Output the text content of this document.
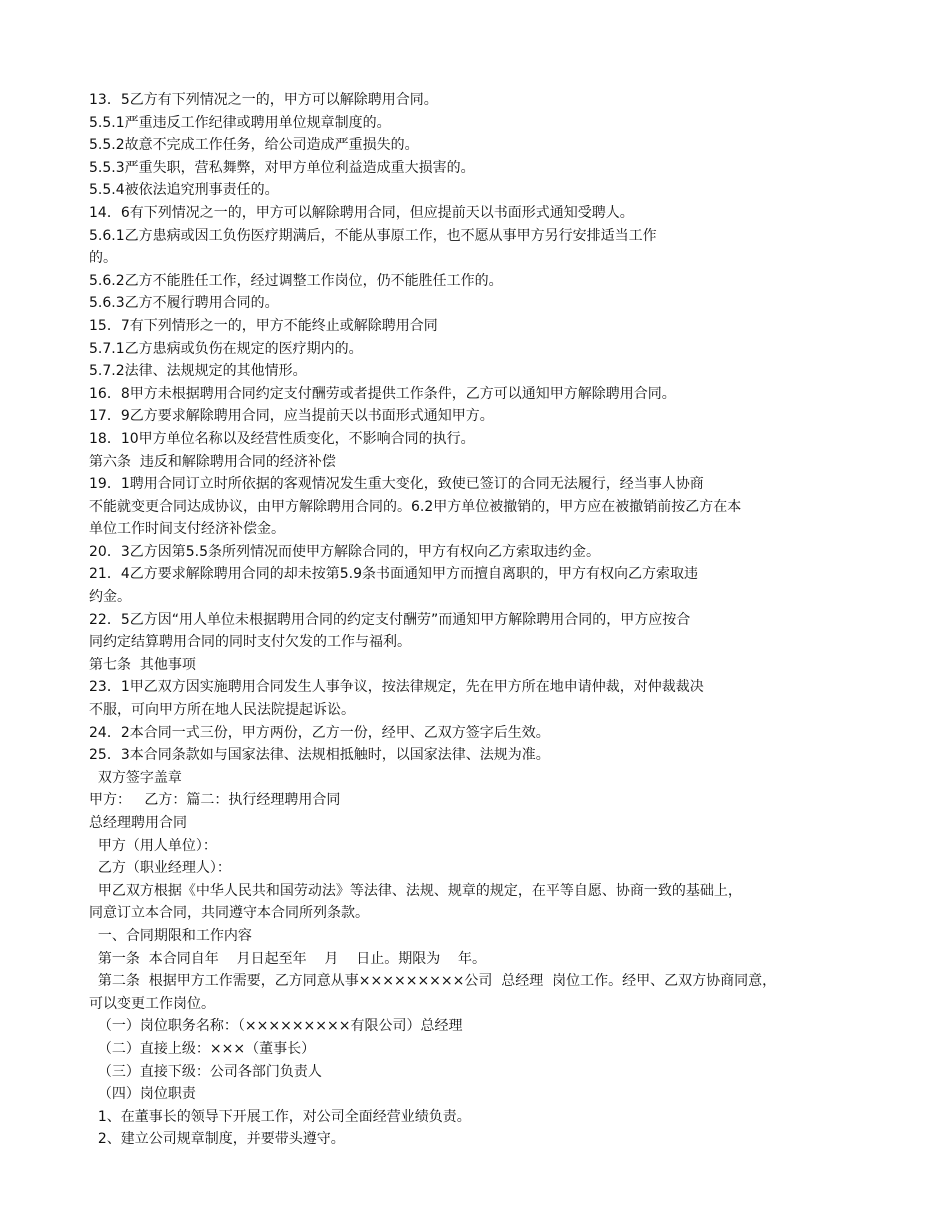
13．5乙方有下列情况之一的，甲方可以解除聘用合同。
5.5.1严重违反工作纪律或聘用单位规章制度的。
5.5.2故意不完成工作任务，给公司造成严重损失的。
5.5.3严重失职，营私舞弊，对甲方单位利益造成重大损害的。
5.5.4被依法追究刑事责任的。
14．6有下列情况之一的，甲方可以解除聘用合同，但应提前天以书面形式通知受聘人。
5.6.1乙方患病或因工负伤医疗期满后，不能从事原工作，也不愿从事甲方另行安排适当工作
的。
5.6.2乙方不能胜任工作，经过调整工作岗位，仍不能胜任工作的。
5.6.3乙方不履行聘用合同的。
15．7有下列情形之一的，甲方不能终止或解除聘用合同
5.7.1乙方患病或负伤在规定的医疗期内的。
5.7.2法律、法规规定的其他情形。
16．8甲方未根据聘用合同约定支付酬劳或者提供工作条件，乙方可以通知甲方解除聘用合同。
17．9乙方要求解除聘用合同，应当提前天以书面形式通知甲方。
18．10甲方单位名称以及经营性质变化，不影响合同的执行。
第六条  违反和解除聘用合同的经济补偿
19．1聘用合同订立时所依据的客观情况发生重大变化，致使已签订的合同无法履行，经当事人协商
不能就变更合同达成协议，由甲方解除聘用合同的。6.2甲方单位被撤销的，甲方应在被撤销前按乙方在本
单位工作时间支付经济补偿金。
20．3乙方因第5.5条所列情况而使甲方解除合同的，甲方有权向乙方索取违约金。
21．4乙方要求解除聘用合同的却未按第5.9条书面通知甲方而擅自离职的，甲方有权向乙方索取违
约金。
22．5乙方因“用人单位未根据聘用合同的约定支付酬劳”而通知甲方解除聘用合同的，甲方应按合
同约定结算聘用合同的同时支付欠发的工作与福利。
第七条  其他事项
23．1甲乙双方因实施聘用合同发生人事争议，按法律规定，先在甲方所在地申请仲裁，对仲裁裁决
不服，可向甲方所在地人民法院提起诉讼。
24．2本合同一式三份，甲方两份，乙方一份，经甲、乙双方签字后生效。
25．3本合同条款如与国家法律、法规相抵触时，以国家法律、法规为准。
双方签字盖章
甲方：   乙方：篇二：执行经理聘用合同
总经理聘用合同
甲方（用人单位）：
乙方（职业经理人）：
甲乙双方根据《中华人民共和国劳动法》等法律、法规、规章的规定，在平等自愿、协商一致的基础上，
同意订立本合同，共同遵守本合同所列条款。
一、合同期限和工作内容
第一条  本合同自年    月日起至年    月    日止。期限为    年。
第二条  根据甲方工作需要，乙方同意从事×××××××××公司  总经理  岗位工作。经甲、乙双方协商同意，
可以变更工作岗位。
（一）岗位职务名称：（×××××××××有限公司）总经理
（二）直接上级：×××（董事长）
（三）直接下级：公司各部门负责人
（四）岗位职责
1、在董事长的领导下开展工作，对公司全面经营业绩负责。
2、建立公司规章制度，并要带头遵守。
